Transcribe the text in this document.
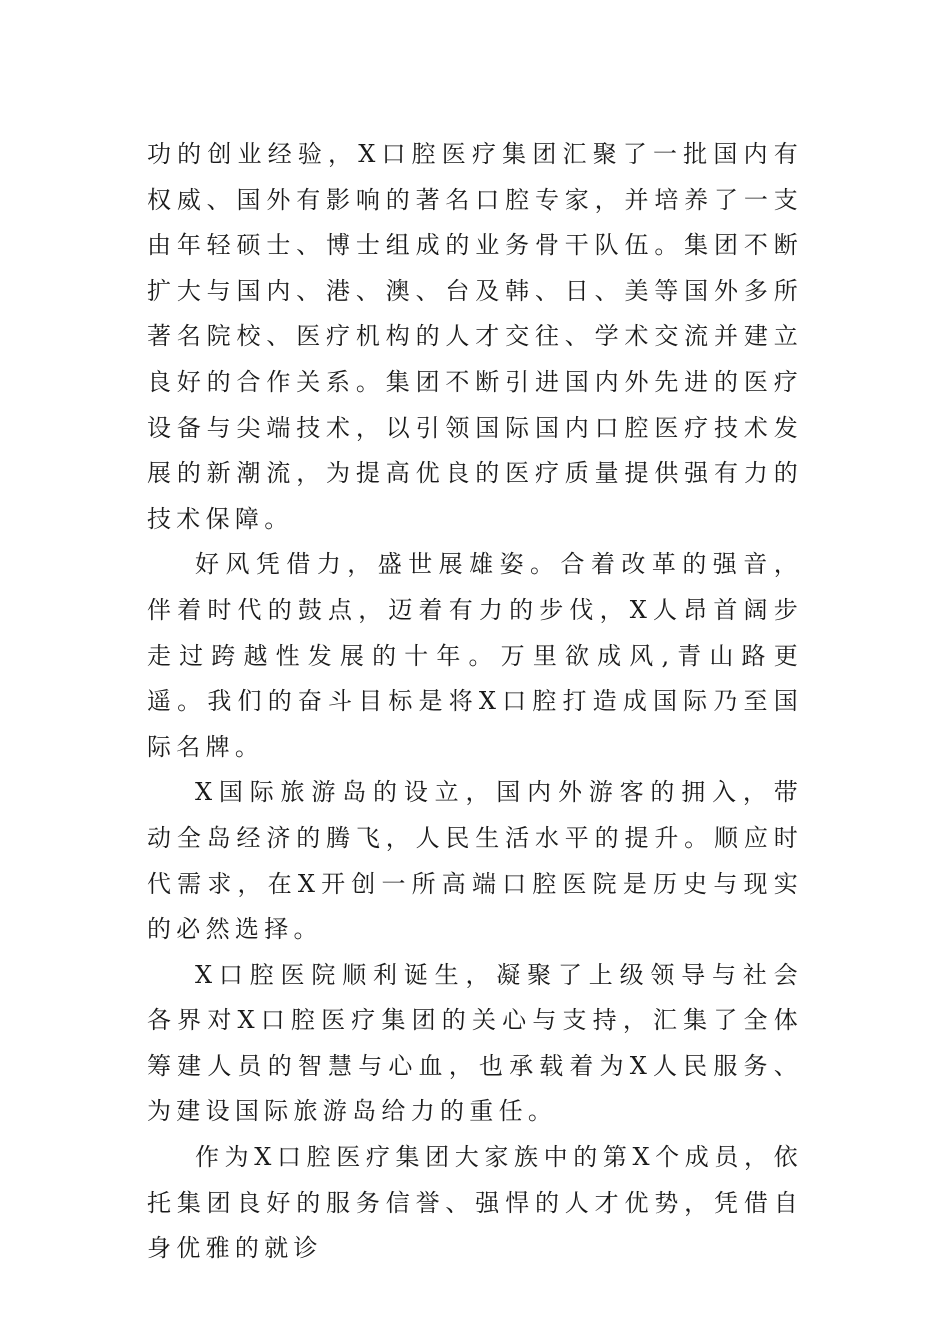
功的创业经验，X口腔医疗集团汇聚了一批国内有权威、国外有影响的著名口腔专家，并培养了一支由年轻硕士、博士组成的业务骨干队伍。集团不断扩大与国内、港、澳、台及韩、日、美等国外多所著名院校、医疗机构的人才交往、学术交流并建立良好的合作关系。集团不断引进国内外先进的医疗设备与尖端技术，以引领国际国内口腔医疗技术发展的新潮流，为提高优良的医疗质量提供强有力的技术保障。

好风凭借力，盛世展雄姿。合着改革的强音，伴着时代的鼓点，迈着有力的步伐，X人昂首阔步走过跨越性发展的十年。万里欲成风,青山路更遥。我们的奋斗目标是将X口腔打造成国际乃至国际名牌。

X国际旅游岛的设立，国内外游客的拥入，带动全岛经济的腾飞，人民生活水平的提升。顺应时代需求，在X开创一所高端口腔医院是历史与现实的必然选择。

X口腔医院顺利诞生，凝聚了上级领导与社会各界对X口腔医疗集团的关心与支持，汇集了全体筹建人员的智慧与心血，也承载着为X人民服务、为建设国际旅游岛给力的重任。

作为X口腔医疗集团大家族中的第X个成员，依托集团良好的服务信誉、强悍的人才优势，凭借自身优雅的就诊
